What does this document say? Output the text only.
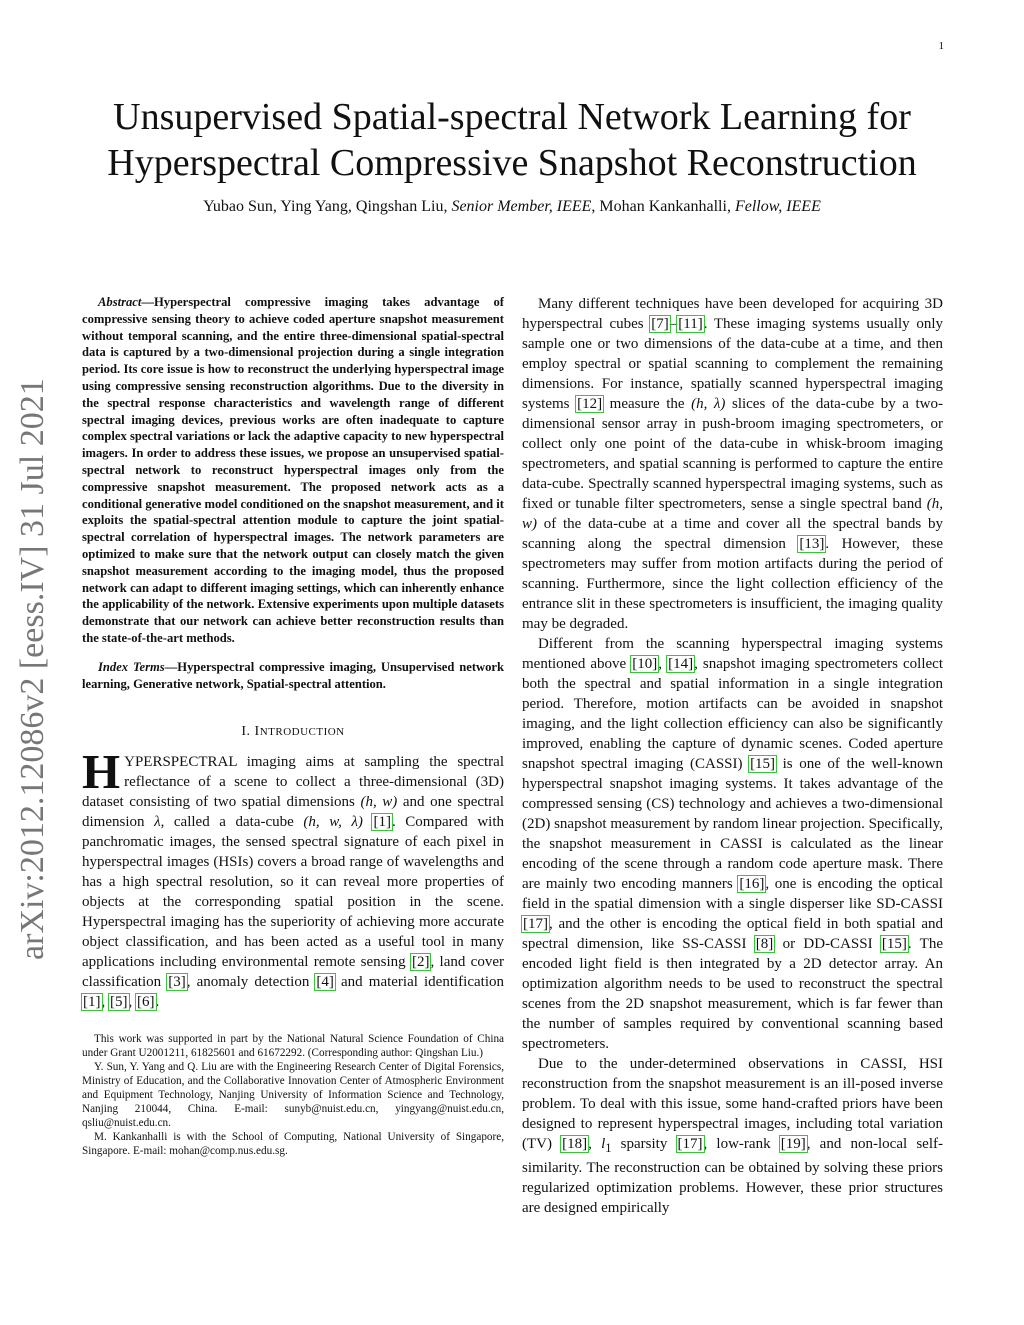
1
arXiv:2012.12086v2 [eess.IV] 31 Jul 2021
Unsupervised Spatial-spectral Network Learning for
Hyperspectral Compressive Snapshot Reconstruction
Yubao Sun, Ying Yang, Qingshan Liu, Senior Member, IEEE, Mohan Kankanhalli, Fellow, IEEE

Abstract—Hyperspectral compressive imaging takes advantage of compressive sensing theory to achieve coded aperture snapshot measurement without temporal scanning, and the entire three-dimensional spatial-spectral data is captured by a two-dimensional projection during a single integration period. Its core issue is how to reconstruct the underlying hyperspectral image using compressive sensing reconstruction algorithms. Due to the diversity in the spectral response characteristics and wavelength range of different spectral imaging devices, previous works are often inadequate to capture complex spectral variations or lack the adaptive capacity to new hyperspectral imagers. In order to address these issues, we propose an unsupervised spatial-spectral network to reconstruct hyperspectral images only from the compressive snapshot measurement. The proposed network acts as a conditional generative model conditioned on the snapshot measurement, and it exploits the spatial-spectral attention module to capture the joint spatial-spectral correlation of hyperspectral images. The network parameters are optimized to make sure that the network output can closely match the given snapshot measurement according to the imaging model, thus the proposed network can adapt to different imaging settings, which can inherently enhance the applicability of the network. Extensive experiments upon multiple datasets demonstrate that our network can achieve better reconstruction results than the state-of-the-art methods.

Index Terms—Hyperspectral compressive imaging, Unsupervised network learning, Generative network, Spatial-spectral attention.

I. INTRODUCTION

HYPERSPECTRAL imaging aims at sampling the spectral reflectance of a scene to collect a three-dimensional (3D) dataset consisting of two spatial dimensions (h, w) and one spectral dimension λ, called a data-cube (h, w, λ) [1]. Compared with panchromatic images, the sensed spectral signature of each pixel in hyperspectral images (HSIs) covers a broad range of wavelengths and has a high spectral resolution, so it can reveal more properties of objects at the corresponding spatial position in the scene. Hyperspectral imaging has the superiority of achieving more accurate object classification, and has been acted as a useful tool in many applications including environmental remote sensing [2], land cover classification [3], anomaly detection [4] and material identification [1], [5], [6].

This work was supported in part by the National Natural Science Foundation of China under Grant U2001211, 61825601 and 61672292. (Corresponding author: Qingshan Liu.)

Y. Sun, Y. Yang and Q. Liu are with the Engineering Research Center of Digital Forensics, Ministry of Education, and the Collaborative Innovation Center of Atmospheric Environment and Equipment Technology, Nanjing University of Information Science and Technology, Nanjing 210044, China. E-mail: sunyb@nuist.edu.cn, yingyang@nuist.edu.cn, qsliu@nuist.edu.cn.

M. Kankanhalli is with the School of Computing, National University of Singapore, Singapore. E-mail: mohan@comp.nus.edu.sg.

Many different techniques have been developed for acquiring 3D hyperspectral cubes [7]–[11]. These imaging systems usually only sample one or two dimensions of the data-cube at a time, and then employ spectral or spatial scanning to complement the remaining dimensions. For instance, spatially scanned hyperspectral imaging systems [12] measure the (h, λ) slices of the data-cube by a two-dimensional sensor array in push-broom imaging spectrometers, or collect only one point of the data-cube in whisk-broom imaging spectrometers, and spatial scanning is performed to capture the entire data-cube. Spectrally scanned hyperspectral imaging systems, such as fixed or tunable filter spectrometers, sense a single spectral band (h, w) of the data-cube at a time and cover all the spectral bands by scanning along the spectral dimension [13]. However, these spectrometers may suffer from motion artifacts during the period of scanning. Furthermore, since the light collection efficiency of the entrance slit in these spectrometers is insufficient, the imaging quality may be degraded.

Different from the scanning hyperspectral imaging systems mentioned above [10], [14], snapshot imaging spectrometers collect both the spectral and spatial information in a single integration period. Therefore, motion artifacts can be avoided in snapshot imaging, and the light collection efficiency can also be significantly improved, enabling the capture of dynamic scenes. Coded aperture snapshot spectral imaging (CASSI) [15] is one of the well-known hyperspectral snapshot imaging systems. It takes advantage of the compressed sensing (CS) technology and achieves a two-dimensional (2D) snapshot measurement by random linear projection. Specifically, the snapshot measurement in CASSI is calculated as the linear encoding of the scene through a random code aperture mask. There are mainly two encoding manners [16], one is encoding the optical field in the spatial dimension with a single disperser like SD-CASSI [17], and the other is encoding the optical field in both spatial and spectral dimension, like SS-CASSI [8] or DD-CASSI [15]. The encoded light field is then integrated by a 2D detector array. An optimization algorithm needs to be used to reconstruct the spectral scenes from the 2D snapshot measurement, which is far fewer than the number of samples required by conventional scanning based spectrometers.

Due to the under-determined observations in CASSI, HSI reconstruction from the snapshot measurement is an ill-posed inverse problem. To deal with this issue, some hand-crafted priors have been designed to represent hyperspectral images, including total variation (TV) [18], $l_1$ sparsity [17], low-rank [19], and non-local self-similarity. The reconstruction can be obtained by solving these priors regularized optimization problems. However, these prior structures are designed empirically
